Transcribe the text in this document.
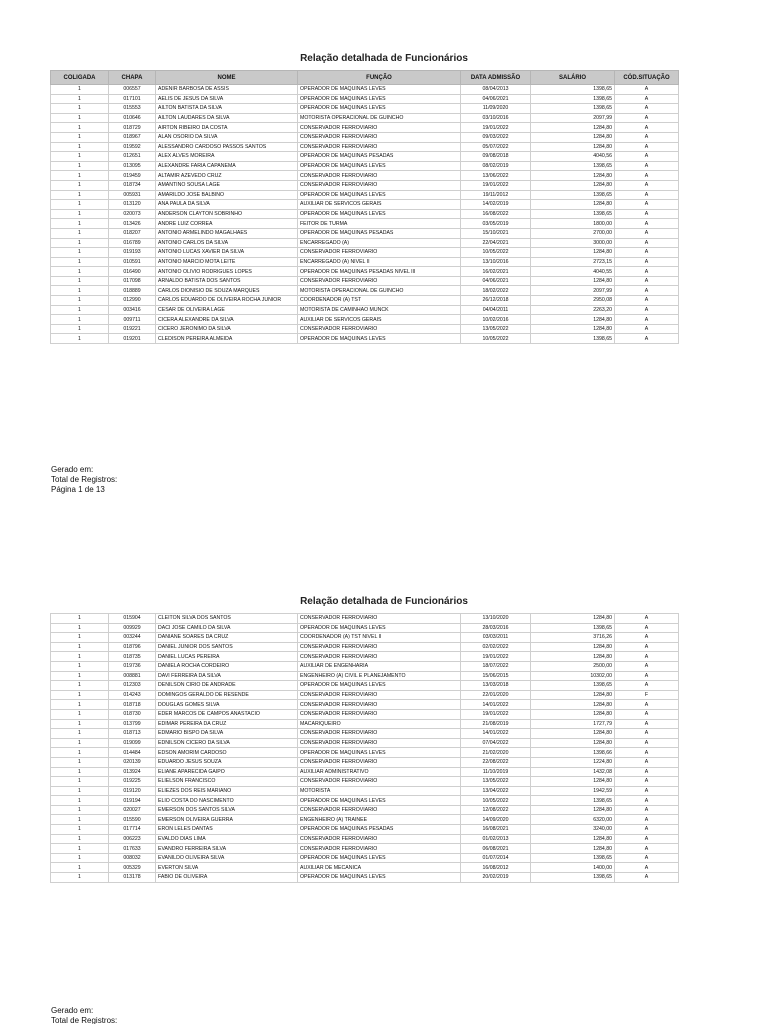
Relação detalhada de Funcionários
COLIGADA	CHAPA	NOME	FUNÇÃO	DATA ADMISSÃO	SALÁRIO	CÓD.SITUAÇÃO
1	006557	ADENIR BARBOSA DE ASSIS	OPERADOR DE MAQUINAS LEVES	08/04/2013	1398,65	A
1	017101	AELIS DE JESUS DA SILVA	OPERADOR DE MAQUINAS LEVES	04/06/2021	1398,65	A
1	015553	AILTON BATISTA DA SILVA	OPERADOR DE MAQUINAS LEVES	11/09/2020	1398,65	A
1	010646	AILTON LAUDARES DA SILVA	MOTORISTA OPERACIONAL DE GUINCHO	03/10/2016	2097,99	A
1	018729	AIRTON RIBEIRO DA COSTA	CONSERVADOR FERROVIARIO	19/01/2022	1284,80	A
1	018967	ALAN OSORIO DA SILVA	CONSERVADOR FERROVIARIO	09/03/2022	1284,80	A
1	019592	ALESSANDRO CARDOSO PASSOS SANTOS	CONSERVADOR FERROVIARIO	05/07/2022	1284,80	A
1	012651	ALEX ALVES MOREIRA	OPERADOR DE MAQUINAS PESADAS	09/08/2018	4040,56	A
1	013095	ALEXANDRE FARIA CAPANEMA	OPERADOR DE MAQUINAS LEVES	08/02/2019	1398,65	A
1	019459	ALTAMIR AZEVEDO CRUZ	CONSERVADOR FERROVIARIO	13/06/2022	1284,80	A
1	018734	AMANTINO SOUSA LAGE	CONSERVADOR FERROVIARIO	19/01/2022	1284,80	A
1	005931	AMARILDO JOSE BALBINO	OPERADOR DE MAQUINAS LEVES	19/11/2012	1398,65	A
1	013120	ANA PAULA DA SILVA	AUXILIAR DE SERVICOS GERAIS	14/02/2019	1284,80	A
1	020073	ANDERSON CLAYTON SOBRINHO	OPERADOR DE MAQUINAS LEVES	16/08/2022	1398,65	A
1	013426	ANDRE LUIZ CORREA	FEITOR DE TURMA	03/05/2019	1800,00	A
1	018207	ANTONIO ARMELINDO MAGALHAES	OPERADOR DE MAQUINAS PESADAS	15/10/2021	2700,00	A
1	016789	ANTONIO CARLOS DA SILVA	ENCARREGADO (A)	22/04/2021	3000,00	A
1	019193	ANTONIO LUCAS XAVIER DA SILVA	CONSERVADOR FERROVIARIO	10/05/2022	1284,80	A
1	010591	ANTONIO MARCIO MOTA LEITE	ENCARREGADO (A) NIVEL II	13/10/2016	2723,15	A
1	016490	ANTONIO OLIVIO RODRIGUES LOPES	OPERADOR DE MAQUINAS PESADAS NIVEL III	16/02/2021	4040,55	A
1	017098	ARNALDO BATISTA DOS SANTOS	CONSERVADOR FERROVIARIO	04/06/2021	1284,80	A
1	018889	CARLOS DIONISIO DE SOUZA MARQUES	MOTORISTA OPERACIONAL DE GUINCHO	18/02/2022	2097,99	A
1	012990	CARLOS EDUARDO DE OLIVEIRA ROCHA JUNIOR	COORDENADOR (A) TST	26/12/2018	2950,08	A
1	003416	CESAR DE OLIVEIRA LAGE	MOTORISTA DE CAMINHAO MUNCK	04/04/2011	2263,20	A
1	009711	CICERA ALEXANDRE DA SILVA	AUXILIAR DE SERVICOS GERAIS	10/02/2016	1284,80	A
1	019221	CICERO JERONIMO DA SILVA	CONSERVADOR FERROVIARIO	13/05/2022	1284,80	A
1	019201	CLEDISON PEREIRA ALMEIDA	OPERADOR DE MAQUINAS LEVES	10/05/2022	1398,65	A
Gerado em:
Total de Registros:
Página 1 de 13
Relação detalhada de Funcionários
1	015904	CLEITON SILVA DOS SANTOS	CONSERVADOR FERROVIARIO	13/10/2020	1284,80	A
1	009929	DACI JOSE CAMILO DA SILVA	OPERADOR DE MAQUINAS LEVES	28/03/2016	1398,65	A
1	003244	DANIANE SOARES DA CRUZ	COORDENADOR (A) TST NIVEL II	03/03/2011	3716,26	A
1	018796	DANIEL JUNIOR DOS SANTOS	CONSERVADOR FERROVIARIO	02/02/2022	1284,80	A
1	018735	DANIEL LUCAS PEREIRA	CONSERVADOR FERROVIARIO	19/01/2022	1284,80	A
1	019736	DANIELA ROCHA CORDEIRO	AUXILIAR DE ENGENHARIA	18/07/2022	2500,00	A
1	008881	DAVI FERREIRA DA SILVA	ENGENHEIRO (A) CIVIL E PLANEJAMENTO	15/06/2015	10302,00	A
1	012303	DENILSON CIRIO DE ANDRADE	OPERADOR DE MAQUINAS LEVES	13/03/2018	1398,65	A
1	014243	DOMINGOS GERALDO DE RESENDE	CONSERVADOR FERROVIARIO	22/01/2020	1284,80	F
1	018718	DOUGLAS GOMES SILVA	CONSERVADOR FERROVIARIO	14/01/2022	1284,80	A
1	018730	EDER MARCOS DE CAMPOS ANASTACIO	CONSERVADOR FERROVIARIO	19/01/2022	1284,80	A
1	013799	EDIMAR PEREIRA DA CRUZ	MACARIQUEIRO	21/08/2019	1727,79	A
1	018713	EDMARIO BISPO DA SILVA	CONSERVADOR FERROVIARIO	14/01/2022	1284,80	A
1	019099	EDNILSON CICERO DA SILVA	CONSERVADOR FERROVIARIO	07/04/2022	1284,80	A
1	014484	EDSON AMORIM CARDOSO	OPERADOR DE MAQUINAS LEVES	21/02/2020	1398,66	A
1	020139	EDUARDO JESUS SOUZA	CONSERVADOR FERROVIARIO	22/08/2022	1224,80	A
1	013924	ELIANE APARECIDA GAIPO	AUXILIAR ADMINISTRATIVO	11/10/2019	1432,08	A
1	019225	ELIELSON FRANCISCO	CONSERVADOR FERROVIARIO	13/05/2022	1284,80	A
1	019120	ELIEZES DOS REIS MARIANO	MOTORISTA	13/04/2022	1942,59	A
1	019194	ELIO COSTA DO NASCIMENTO	OPERADOR DE MAQUINAS LEVES	10/05/2022	1398,65	A
1	020027	EMERSON DOS SANTOS SILVA	CONSERVADOR FERROVIARIO	12/08/2022	1284,80	A
1	015590	EMERSON OLIVEIRA GUERRA	ENGENHEIRO (A) TRAINEE	14/09/2020	6320,00	A
1	017714	ERON LELES DANTAS	OPERADOR DE MAQUINAS PESADAS	16/08/2021	3240,00	A
1	006223	EVALDO DIAS LIMA	CONSERVADOR FERROVIARIO	01/02/2013	1284,80	A
1	017633	EVANDRO FERREIRA SILVA	CONSERVADOR FERROVIARIO	06/08/2021	1284,80	A
1	008032	EVANILDO OLIVEIRA SILVA	OPERADOR DE MAQUINAS LEVES	01/07/2014	1398,65	A
1	005329	EVERTON SILVA	AUXILIAR DE MECANICA	16/08/2012	1400,00	A
1	013178	FABIO DE OLIVEIRA	OPERADOR DE MAQUINAS LEVES	20/02/2019	1398,65	A
Gerado em:
Total de Registros:
